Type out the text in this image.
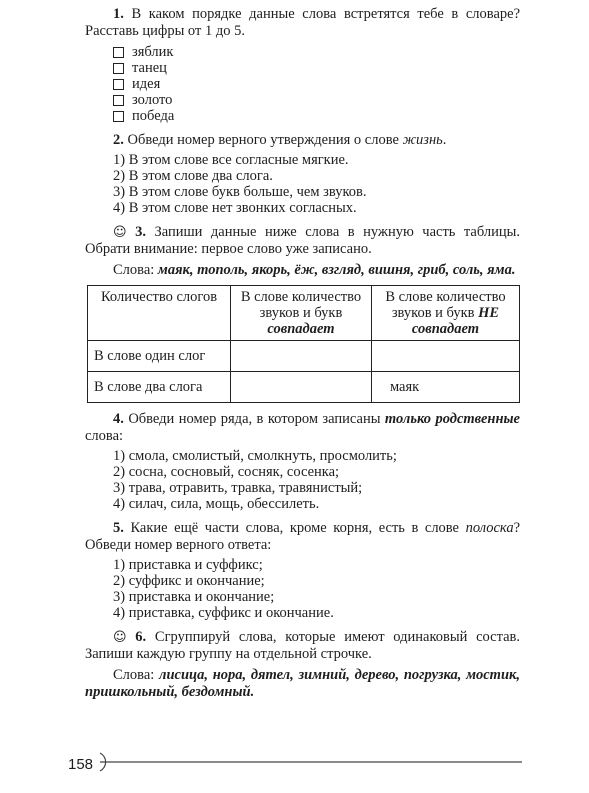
1. В каком порядке данные слова встретятся тебе в словаре? Расставь цифры от 1 до 5.

зяблик
танец
идея
золото
победа

2. Обведи номер верного утверждения о слове жизнь.

1) В этом слове все согласные мягкие.
2) В этом слове два слога.
3) В этом слове букв больше, чем звуков.
4) В этом слове нет звонких согласных.

☺ 3. Запиши данные ниже слова в нужную часть таблицы. Обрати внимание: первое слово уже записано.

Слова: маяк, тополь, якорь, ёж, взгляд, вишня, гриб, соль, яма.

Количество слогов	В слове количество звуков и букв совпадает	В слове количество звуков и букв НЕ совпадает
В слове один слог		
В слове два слога		маяк

4. Обведи номер ряда, в котором записаны только родственные слова:

1) смола, смолистый, смолкнуть, просмолить;
2) сосна, сосновый, сосняк, сосенка;
3) трава, отравить, травка, травянистый;
4) силач, сила, мощь, обессилеть.

5. Какие ещё части слова, кроме корня, есть в слове полоска? Обведи номер верного ответа:

1) приставка и суффикс;
2) суффикс и окончание;
3) приставка и окончание;
4) приставка, суффикс и окончание.

☺ 6. Сгруппируй слова, которые имеют одинаковый состав. Запиши каждую группу на отдельной строчке.

Слова: лисица, нора, дятел, зимний, дерево, погрузка, мостик, пришкольный, бездомный.

158
